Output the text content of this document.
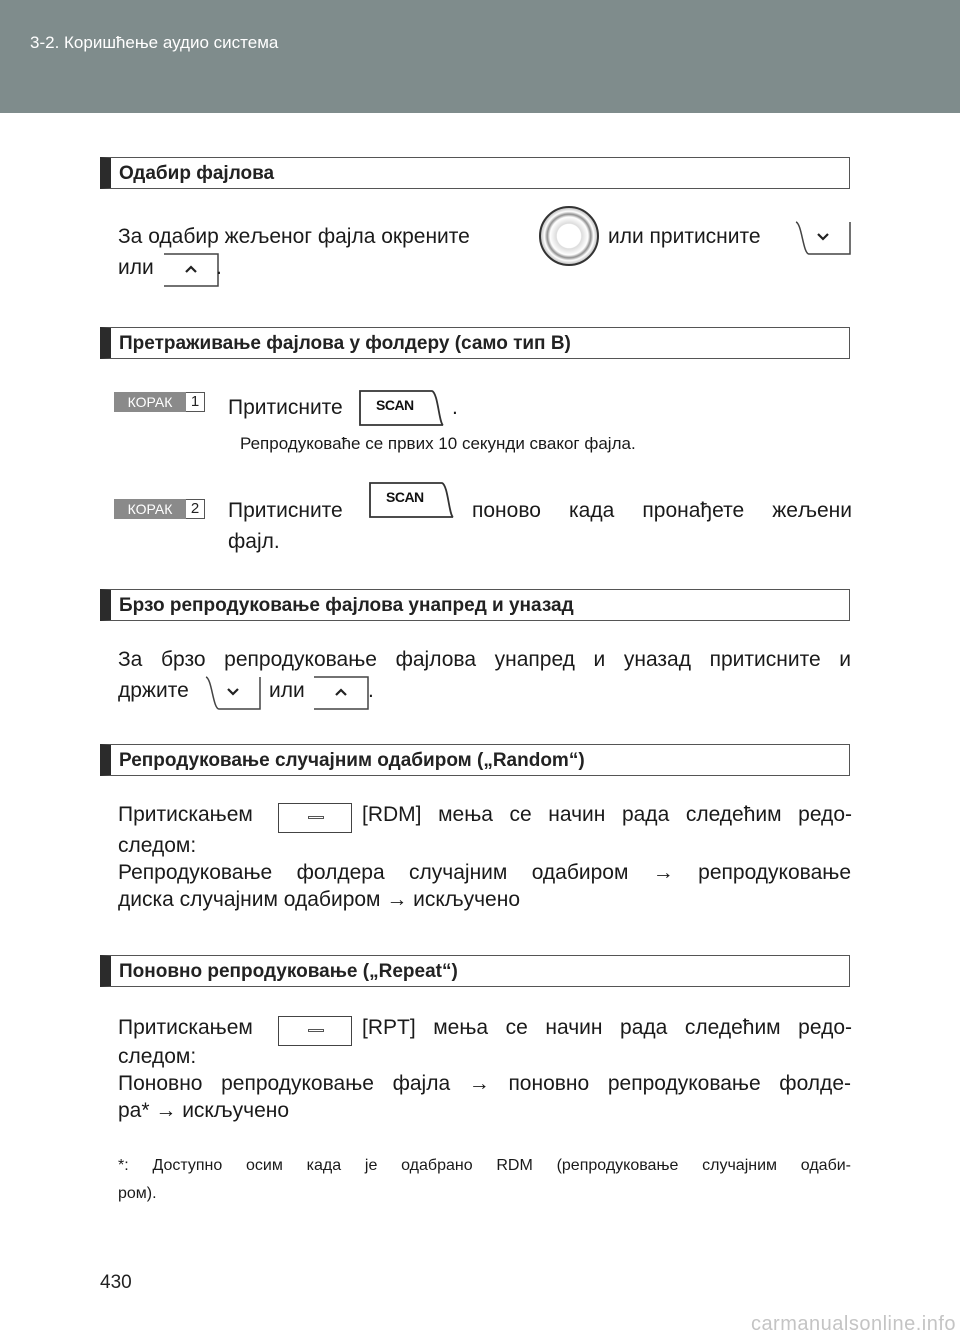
3-2. Коришћење аудио система
Одабир фајлова
За одабир жељеног фајла окрените	или притисните
или	.
Претраживање фајлова у фолдеру (само тип B)
КОРАК	1 Притисните SCAN .
Репродуковаће се првих 10 секунди сваког фајла.
КОРАК	2 Притисните
SCAN
поново када пронађете жељени
фајл.
Брзо репродуковање фајлова унапред и уназад
За брзо репродуковање фајлова унапред и уназад притисните и
држите	или	.
Репродуковање случајним одабиром („Random“)
Притискањем	[RDM] мења се начин рада следећим редо-
следом:
Репродуковање фолдера случајним одабиром → репродуковање
диска случајним одабиром → искључено
Поновно репродуковање („Repeat“)
Притискањем	[RPT] мења се начин рада следећим редо-
следом:
Поновно репродуковање фајла → поновно репродуковање фолде-
ра* → искључено
*: Доступно осим када је одабрано RDM (репродуковање случајним одаби-
ром).
430
carmanualsonline.info
